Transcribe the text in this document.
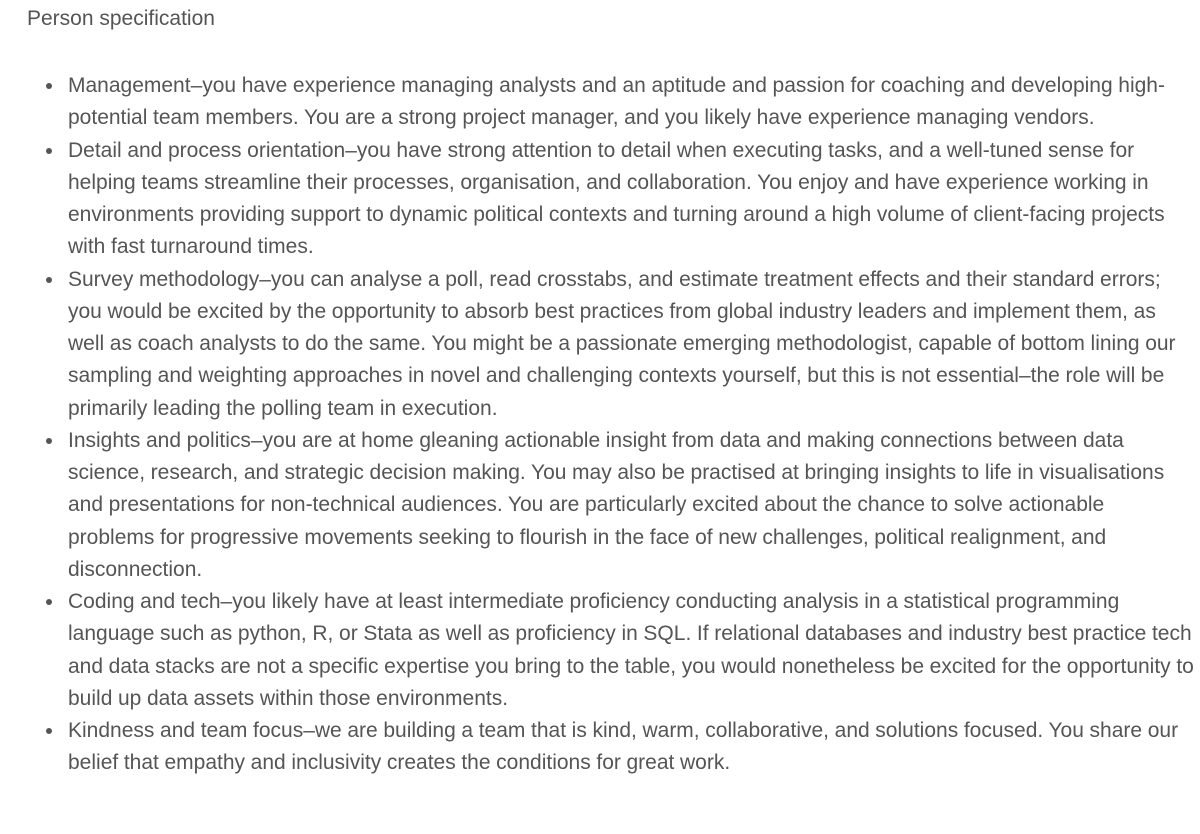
Person specification
Management–you have experience managing analysts and an aptitude and passion for coaching and developing high-potential team members. You are a strong project manager, and you likely have experience managing vendors.
Detail and process orientation–you have strong attention to detail when executing tasks, and a well-tuned sense for helping teams streamline their processes, organisation, and collaboration. You enjoy and have experience working in environments providing support to dynamic political contexts and turning around a high volume of client-facing projects with fast turnaround times.
Survey methodology–you can analyse a poll, read crosstabs, and estimate treatment effects and their standard errors; you would be excited by the opportunity to absorb best practices from global industry leaders and implement them, as well as coach analysts to do the same. You might be a passionate emerging methodologist, capable of bottom lining our sampling and weighting approaches in novel and challenging contexts yourself, but this is not essential–the role will be primarily leading the polling team in execution.
Insights and politics–you are at home gleaning actionable insight from data and making connections between data science, research, and strategic decision making. You may also be practised at bringing insights to life in visualisations and presentations for non-technical audiences. You are particularly excited about the chance to solve actionable problems for progressive movements seeking to flourish in the face of new challenges, political realignment, and disconnection.
Coding and tech–you likely have at least intermediate proficiency conducting analysis in a statistical programming language such as python, R, or Stata as well as proficiency in SQL. If relational databases and industry best practice tech and data stacks are not a specific expertise you bring to the table, you would nonetheless be excited for the opportunity to build up data assets within those environments.
Kindness and team focus–we are building a team that is kind, warm, collaborative, and solutions focused. You share our belief that empathy and inclusivity creates the conditions for great work.
